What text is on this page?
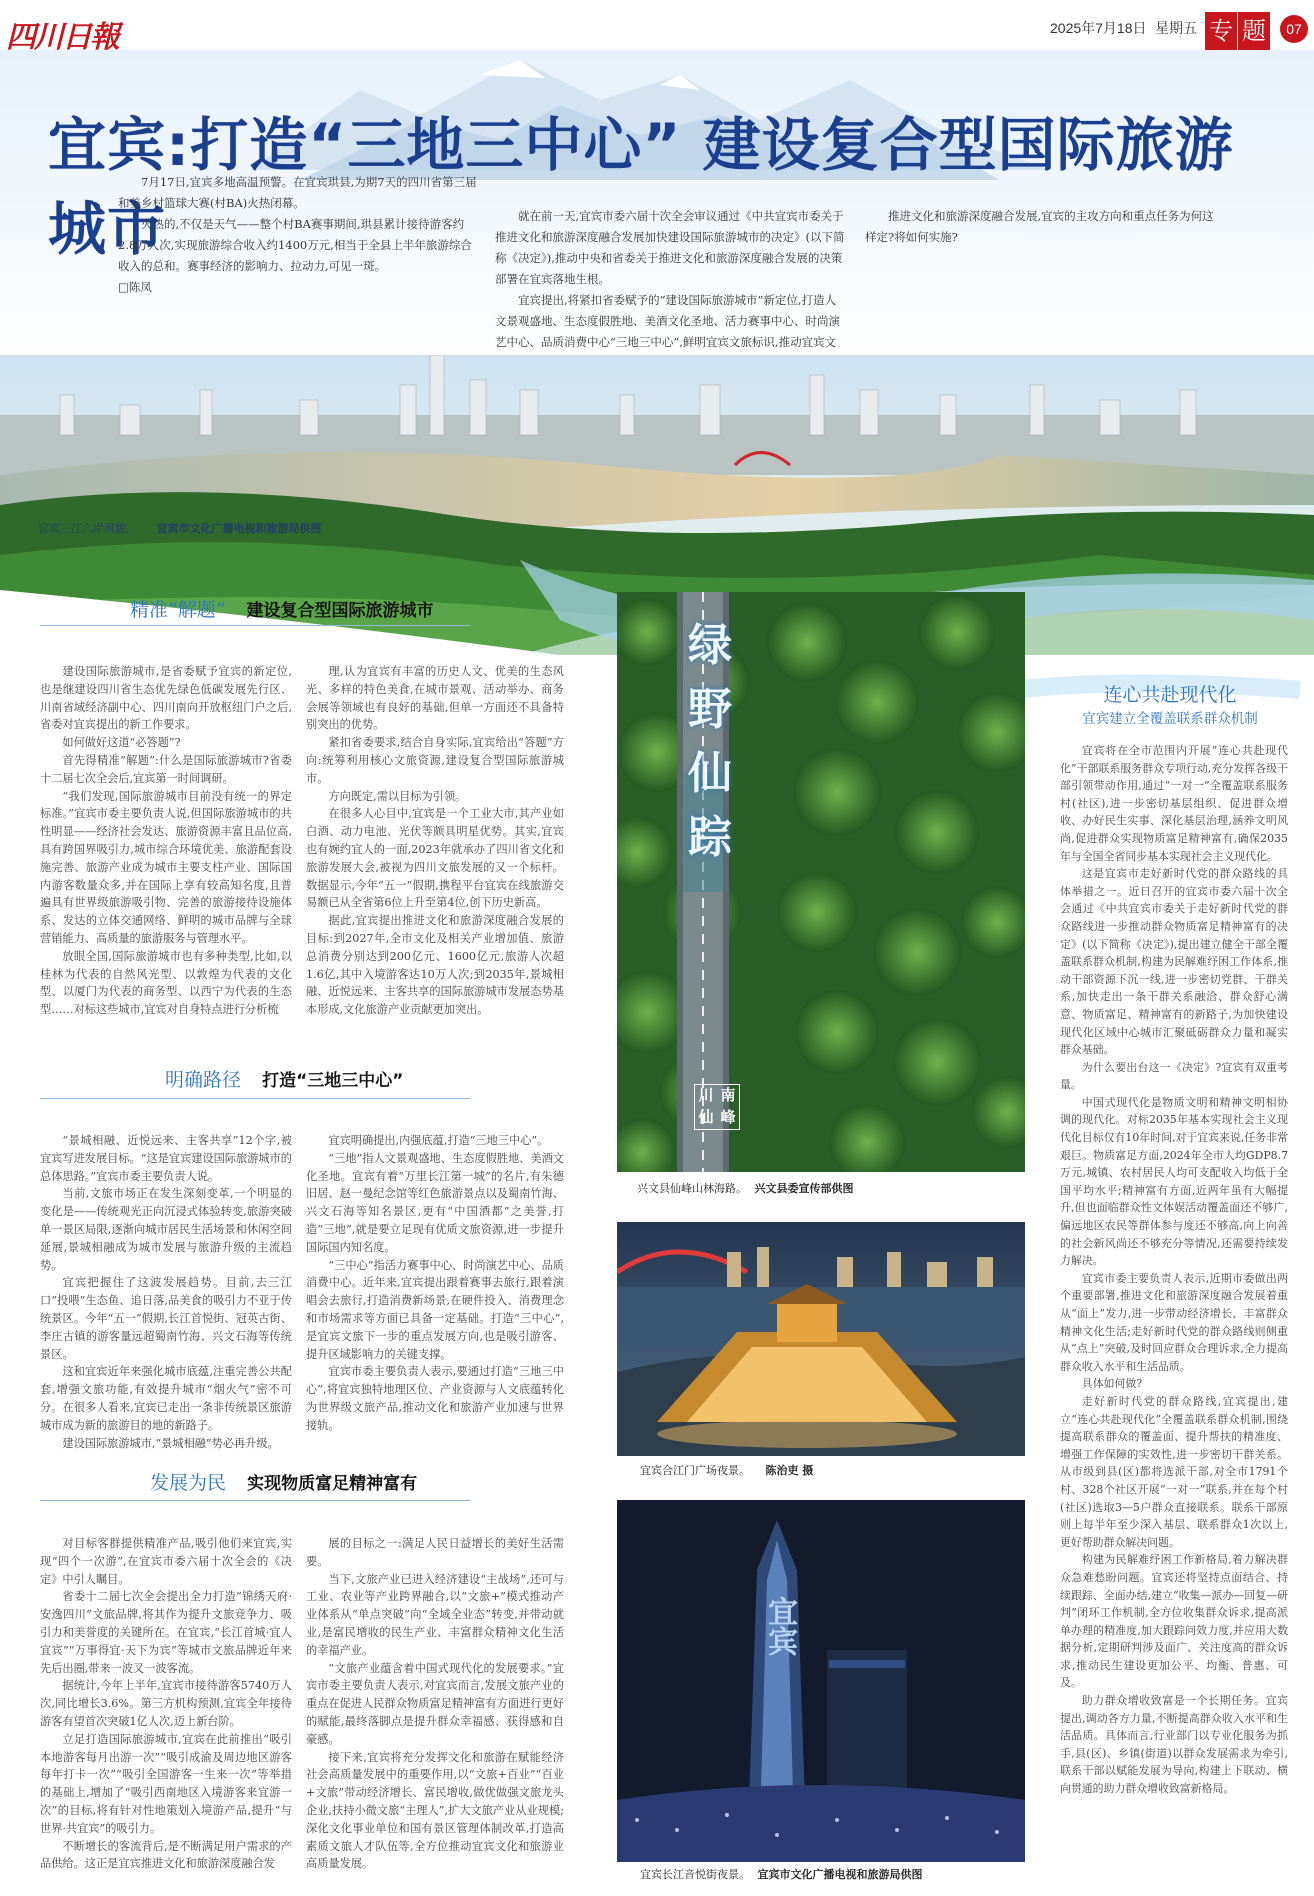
四川日報	2025年7月18日 星期五 专 题	07
宜宾:打造“三地三中心” 建设复合型国际旅游城市

7月17日,宜宾多地高温预警。在宜宾珙县,为期7天的四川省第三届和美乡村篮球大赛(村BA)火热闭幕。

火热的,不仅是天气——整个村BA赛事期间,珙县累计接待游客约2.8万人次,实现旅游综合收入约1400万元,相当于全县上半年旅游综合收入的总和。赛事经济的影响力、拉动力,可见一斑。

□陈凤

就在前一天,宜宾市委六届十次全会审议通过《中共宜宾市委关于推进文化和旅游深度融合发展加快建设国际旅游城市的决定》(以下简称《决定》),推动中央和省委关于推进文化和旅游深度融合发展的决策部署在宜宾落地生根。

宜宾提出,将紧扣省委赋予的“建设国际旅游城市”新定位,打造人文景观盛地、生态度假胜地、美酒文化圣地、活力赛事中心、时尚演艺中心、品质消费中心“三地三中心”,鲜明宜宾文旅标识,推动宜宾文

推进文化和旅游深度融合发展,宜宾的主攻方向和重点任务为何这样定?将如何实施?

宜宾三江六岸风貌。 宜宾市文化广播电视和旅游局供图
精准“解题” 建设复合型国际旅游城市

建设国际旅游城市,是省委赋予宜宾的新定位,也是继建设四川省生态优先绿色低碳发展先行区、川南省域经济副中心、四川南向开放枢纽门户之后,省委对宜宾提出的新工作要求。

如何做好这道“必答题”?

首先得精准“解题”:什么是国际旅游城市?省委十二届七次全会后,宜宾第一时间调研。

“我们发现,国际旅游城市目前没有统一的界定标准。”宜宾市委主要负责人说,但国际旅游城市的共性明显——经济社会发达、旅游资源丰富且品位高,具有跨国界吸引力,城市综合环境优美、旅游配套设施完善、旅游产业成为城市主要支柱产业、国际国内游客数量众多,并在国际上享有较高知名度,且普遍具有世界级旅游吸引物、完善的旅游接待设施体系、发达的立体交通网络、鲜明的城市品牌与全球营销能力、高质量的旅游服务与管理水平。

放眼全国,国际旅游城市也有多种类型,比如,以桂林为代表的自然风光型、以敦煌为代表的文化型、以厦门为代表的商务型、以西宁为代表的生态型……对标这些城市,宜宾对自身特点进行分析梳

理,认为宜宾有丰富的历史人文、优美的生态风光、多样的特色美食,在城市景观、活动举办、商务会展等领域也有良好的基础,但单一方面还不具备特别突出的优势。

紧扣省委要求,结合自身实际,宜宾给出“答题”方向:统筹利用核心文旅资源,建设复合型国际旅游城市。

方向既定,需以目标为引领。

在很多人心目中,宜宾是一个工业大市,其产业如白酒、动力电池、光伏等颇具明星优势。其实,宜宾也有婉约宜人的一面,2023年就承办了四川省文化和旅游发展大会,被视为四川文旅发展的又一个标杆。数据显示,今年“五一”假期,携程平台宜宾在线旅游交易额已从全省第6位上升至第4位,创下历史新高。

据此,宜宾提出推进文化和旅游深度融合发展的目标:到2027年,全市文化及相关产业增加值、旅游总消费分别达到200亿元、1600亿元,旅游人次超1.6亿,其中入境游客达10万人次;到2035年,景城相融、近悦远来、主客共享的国际旅游城市发展态势基本形成,文化旅游产业贡献更加突出。

明确路径 打造“三地三中心”

“景城相融、近悦远来、主客共享”12个字,被宜宾写进发展目标。“这是宜宾建设国际旅游城市的总体思路。”宜宾市委主要负责人说。

当前,文旅市场正在发生深刻变革,一个明显的变化是——传统观光正向沉浸式体验转变,旅游突破单一景区局限,逐渐向城市居民生活场景和休闲空间延展,景城相融成为城市发展与旅游升级的主流趋势。

宜宾把握住了这波发展趋势。目前,去三江口“投喂”生态鱼、追日落,品美食的吸引力不亚于传统景区。今年“五一”假期,长江首悦街、冠英古街、李庄古镇的游客量远超蜀南竹海、兴文石海等传统景区。

这和宜宾近年来强化城市底蕴,注重完善公共配套,增强文旅功能,有效提升城市“烟火气”密不可分。在很多人看来,宜宾已走出一条非传统景区旅游城市成为新的旅游目的地的新路子。

建设国际旅游城市,“景城相融”势必再升级。

宜宾明确提出,内强底蕴,打造“三地三中心”。

“三地”指人文景观盛地、生态度假胜地、美酒文化圣地。宜宾有着“万里长江第一城”的名片,有朱德旧居、赵一曼纪念馆等红色旅游景点以及蜀南竹海、兴文石海等知名景区,更有“中国酒都”之美誉,打造“三地”,就是要立足现有优质文旅资源,进一步提升国际国内知名度。

“三中心”指活力赛事中心、时尚演艺中心、品质消费中心。近年来,宜宾提出跟着赛事去旅行,跟着演唱会去旅行,打造消费新场景,在硬件投入、消费理念和市场需求等方面已具备一定基础。打造“三中心”,是宜宾文旅下一步的重点发展方向,也是吸引游客、提升区域影响力的关键支撑。

宜宾市委主要负责人表示,要通过打造“三地三中心”,将宜宾独特地理区位、产业资源与人文底蕴转化为世界级文旅产品,推动文化和旅游产业加速与世界接轨。

发展为民 实现物质富足精神富有

对目标客群提供精准产品,吸引他们来宜宾,实现“四个一次游”,在宜宾市委六届十次全会的《决定》中引人瞩目。

省委十二届七次全会提出全力打造“锦绣天府·安逸四川”文旅品牌,将其作为提升文旅竞争力、吸引力和美誉度的关键所在。在宜宾,“长江首城·宜人宜宾”“万事得宜·天下为宾”等城市文旅品牌近年来先后出圈,带来一波又一波客流。

据统计,今年上半年,宜宾市接待游客5740万人次,同比增长3.6%。第三方机构预测,宜宾全年接待游客有望首次突破1亿人次,迈上新台阶。

立足打造国际旅游城市,宜宾在此前推出“吸引本地游客每月出游一次”“吸引成渝及周边地区游客每年打卡一次”“吸引全国游客一生来一次”等举措的基础上,增加了“吸引西南地区入境游客来宜游一次”的目标,将有针对性地策划入境游产品,提升“与世界·共宜宾”的吸引力。

不断增长的客流背后,是不断满足用户需求的产品供给。这正是宜宾推进文化和旅游深度融合发

展的目标之一:满足人民日益增长的美好生活需要。

当下,文旅产业已进入经济建设“主战场”,还可与工业、农业等产业跨界融合,以“文旅+”模式推动产业体系从“单点突破”向“全域全业态”转变,并带动就业,是富民增收的民生产业、丰富群众精神文化生活的幸福产业。

“文旅产业蕴含着中国式现代化的发展要求。”宜宾市委主要负责人表示,对宜宾而言,发展文旅产业的重点在促进人民群众物质富足精神富有方面进行更好的赋能,最终落脚点是提升群众幸福感、获得感和自豪感。

接下来,宜宾将充分发挥文化和旅游在赋能经济社会高质量发展中的重要作用,以“文旅+百业”“百业+文旅”带动经济增长、富民增收,做优做强文旅龙头企业,扶持小微文旅“主理人”,扩大文旅产业从业规模;深化文化事业单位和国有景区管理体制改革,打造高素质文旅人才队伍等,全方位推动宜宾文化和旅游业高质量发展。

绿
野
仙
踪
川 南
仙 峰
兴文县仙峰山林海路。 兴文县委宣传部供图
宜宾合江门广场夜景。 陈治吏 摄
宜宾
宜宾长江音悦街夜景。 宜宾市文化广播电视和旅游局供图
连心共赴现代化
宜宾建立全覆盖联系群众机制

宜宾将在全市范围内开展“连心共赴现代化”干部联系服务群众专项行动,充分发挥各级干部引领带动作用,通过“一对一”全覆盖联系服务村(社区),进一步密切基层组织、促进群众增收、办好民生实事、深化基层治理,涵养文明风尚,促进群众实现物质富足精神富有,确保2035年与全国全省同步基本实现社会主义现代化。

这是宜宾市走好新时代党的群众路线的具体举措之一。近日召开的宜宾市委六届十次全会通过《中共宜宾市委关于走好新时代党的群众路线进一步推动群众物质富足精神富有的决定》(以下简称《决定》),提出建立健全干部全覆盖联系群众机制,构建为民解难纾困工作体系,推动干部资源下沉一线,进一步密切党群、干群关系,加快走出一条干群关系融洽、群众舒心满意、物质富足、精神富有的新路子,为加快建设现代化区域中心城市汇聚砥砺群众力量和凝实群众基础。

为什么要出台这一《决定》?宜宾有双重考量。

中国式现代化是物质文明和精神文明相协调的现代化。对标2035年基本实现社会主义现代化目标仅有10年时间,对于宜宾来说,任务非常艰巨。物质富足方面,2024年全市人均GDP8.7万元,城镇、农村居民人均可支配收入均低于全国平均水平;精神富有方面,近两年虽有大幅提升,但也面临群众性文体娱活动覆盖面还不够广,偏远地区农民等群体参与度还不够高,向上向善的社会新风尚还不够充分等情况,还需要持续发力解决。

宜宾市委主要负责人表示,近期市委做出两个重要部署,推进文化和旅游深度融合发展着重从“面上”发力,进一步带动经济增长、丰富群众精神文化生活;走好新时代党的群众路线则侧重从“点上”突破,及时回应群众合理诉求,全力提高群众收入水平和生活品质。

具体如何做?

走好新时代党的群众路线,宜宾提出,建立“连心共赴现代化”全覆盖联系群众机制,围绕提高联系群众的覆盖面、提升帮扶的精准度、增强工作保障的实效性,进一步密切干群关系。从市级到县(区)都将选派干部,对全市1791个村、328个社区开展“一对一”联系,并在每个村(社区)选取3—5户群众直接联系。联系干部原则上每半年至少深入基层、联系群众1次以上,更好帮助群众解决问题。

构建为民解难纾困工作新格局,着力解决群众急难愁盼问题。宜宾还将坚持点面结合、持续跟踪、全面办结,建立“收集—派办—回复—研判”闭环工作机制,全方位收集群众诉求,提高派单办理的精准度,加大跟踪问效力度,并应用大数据分析,定期研判涉及面广、关注度高的群众诉求,推动民生建设更加公平、均衡、普惠、可及。

助力群众增收致富是一个长期任务。宜宾提出,调动各方力量,不断提高群众收入水平和生活品质。具体而言,行业部门以专业化服务为抓手,县(区)、乡镇(街道)以群众发展需求为牵引,联系干部以赋能发展为导向,构建上下联动、横向贯通的助力群众增收致富新格局。
